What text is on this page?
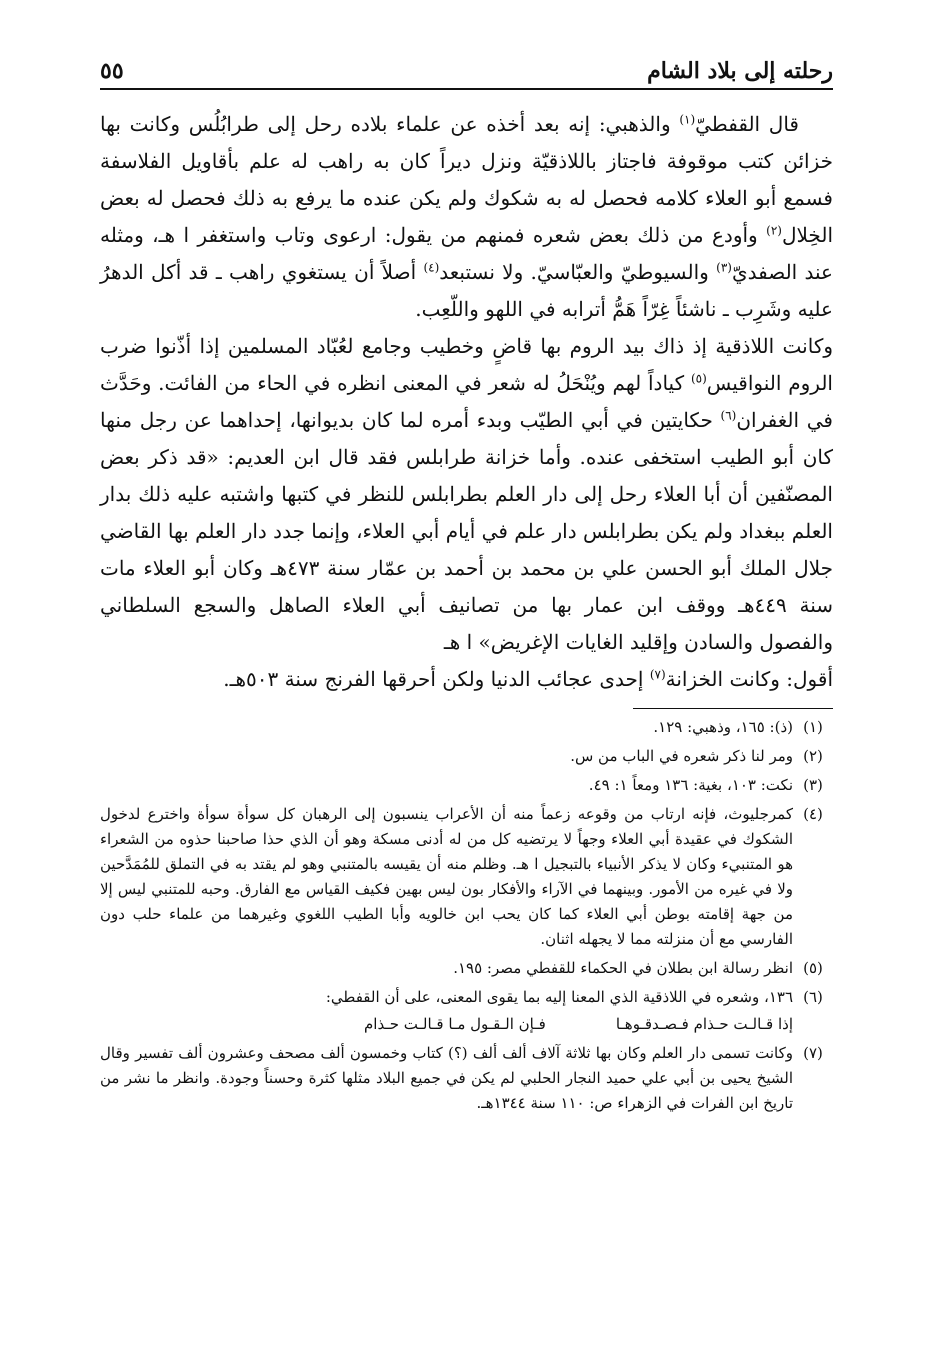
رحلته إلى بلاد الشام
٥٥

قال القفطيّ$^{(١)}$ والذهبي: إنه بعد أخذه عن علماء بلاده رحل إلى طرابُلُس وكانت بها خزائن كتب موقوفة فاجتاز باللاذقيّة ونزل ديراً كان به راهب له علم بأقاويل الفلاسفة فسمع أبو العلاء كلامه فحصل له به شكوك ولم يكن عنده ما يرفع به ذلك فحصل له بعض الخِلال$^{(٢)}$ وأودع من ذلك بعض شعره فمنهم من يقول: ارعوى وتاب واستغفر ا هـ، ومثله عند الصفديّ$^{(٣)}$ والسيوطيّ والعبّاسيّ. ولا نستبعد$^{(٤)}$ أصلاً أن يستغوي راهب ـ قد أكل الدهرُ عليه وشَرِب ـ ناشئاً غِرّاً هَمُّ أترابه في اللهو واللّعِب.

وكانت اللاذقية إذ ذاك بيد الروم بها قاضٍ وخطيب وجامع لعُبّاد المسلمين إذا أذّنوا ضرب الروم النواقيس$^{(٥)}$ كياداً لهم ويُنْحَلُ له شعر في المعنى انظره في الحاء من الفائت. وحَدَّث في الغفران$^{(٦)}$ حكايتين في أبي الطيّب وبدء أمره لما كان بديوانها، إحداهما عن رجل منها كان أبو الطيب استخفى عنده. وأما خزانة طرابلس فقد قال ابن العديم: «قد ذكر بعض المصنّفين أن أبا العلاء رحل إلى دار العلم بطرابلس للنظر في كتبها واشتبه عليه ذلك بدار العلم ببغداد ولم يكن بطرابلس دار علم في أيام أبي العلاء، وإنما جدد دار العلم بها القاضي جلال الملك أبو الحسن علي بن محمد بن أحمد بن عمّار سنة ٤٧٣هـ وكان أبو العلاء مات سنة ٤٤٩هـ ووقف ابن عمار بها من تصانيف أبي العلاء الصاهل والسجع السلطاني والفصول والسادن وإقليد الغايات الإغريض» ا هـ

أقول: وكانت الخزانة$^{(٧)}$ إحدى عجائب الدنيا ولكن أحرقها الفرنج سنة ٥٠٣هـ.

(١)
(ذ): ١٦٥، وذهبي: ١٢٩.
(٢)
ومر لنا ذكر شعره في الباب من س.
(٣)
نكت: ١٠٣، بغية: ١٣٦ ومعاً ١: ٤٩.
(٤)
كمرجليوث، فإنه ارتاب من وقوعه زعماً منه أن الأعراب ينسبون إلى الرهبان كل سوأة سوأة واخترع لدخول الشكوك في عقيدة أبي العلاء وجهاً لا يرتضيه كل من له أدنى مسكة وهو أن الذي حذا صاحبنا حذوه من الشعراء هو المتنبيء وكان لا يذكر الأنبياء بالتبجيل ا هـ. وظلم منه أن يقيسه بالمتنبي وهو لم يقتد به في التملق للمُمَدَّحين ولا في غيره من الأمور. وبينهما في الآراء والأفكار بون ليس بهين فكيف القياس مع الفارق. وحبه للمتنبي ليس إلا من جهة إقامته بوطن أبي العلاء كما كان يحب ابن خالويه وأبا الطيب اللغوي وغيرهما من علماء حلب دون الفارسي مع أن منزلته مما لا يجهله اثنان.
(٥)
انظر رسالة ابن بطلان في الحكماء للقفطي مصر: ١٩٥.
(٦)
١٣٦، وشعره في اللاذقية الذي المعنا إليه بما يقوى المعنى، على أن القفطي:
إذا قـالـت حـذام فـصـدقـوهـا
فـإن الـقـول مـا قـالـت حـذام
(٧)
وكانت تسمى دار العلم وكان بها ثلاثة آلاف ألف ألف (؟) كتاب وخمسون ألف مصحف وعشرون ألف تفسير وقال الشيخ يحيى بن أبي علي حميد النجار الحلبي لم يكن في جميع البلاد مثلها كثرة وحسناً وجودة. وانظر ما نشر من تاريخ ابن الفرات في الزهراء ص: ١١٠ سنة ١٣٤٤هـ.
